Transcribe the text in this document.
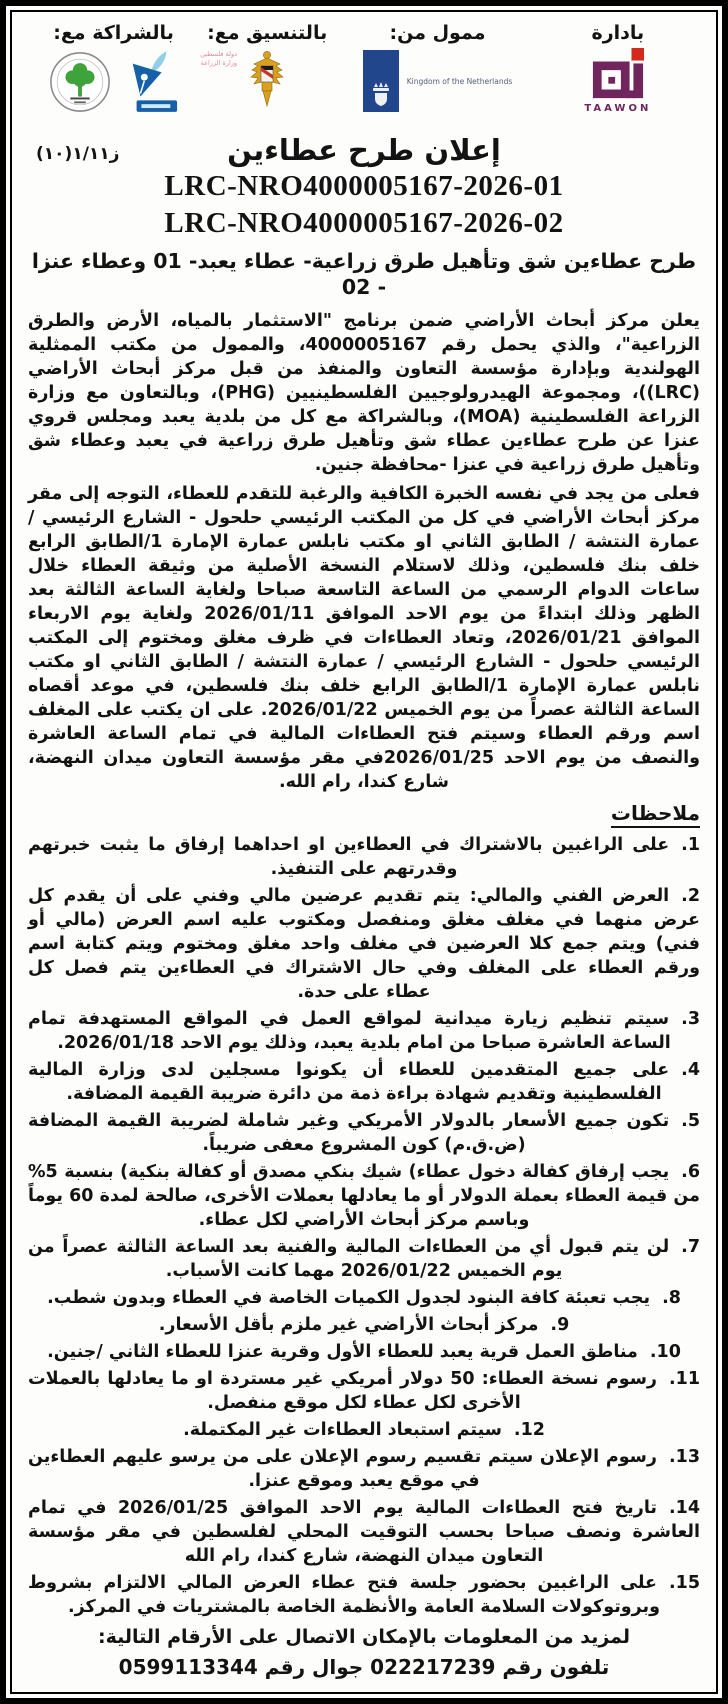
بادارة
TAAWON
ممول من:
Kingdom of the Netherlands
بالتنسيق مع:
دولة فلسطين
وزارة الزراعة
بالشراكة مع:
ز١/١١(١٠)	إعلان طرح عطاءين
LRC-NRO4000005167-2026-01
LRC-NRO4000005167-2026-02
طرح عطاءين شق وتأهيل طرق زراعية- عطاء يعبد- 01 وعطاء عنزا - 02

يعلن مركز أبحاث الأراضي ضمن برنامج "الاستثمار بالمياه، الأرض والطرق الزراعية"، والذي يحمل رقم 4000005167، والممول من مكتب الممثلية الهولندية وبإدارة مؤسسة التعاون والمنفذ من قبل مركز أبحاث الأراضي (LRC))، ومجموعة الهيدرولوجيين الفلسطينيين (PHG)، وبالتعاون مع وزارة الزراعة الفلسطينية (MOA)، وبالشراكة مع كل من بلدية يعبد ومجلس قروي عنزا عن طرح عطاءين عطاء شق وتأهيل طرق زراعية في يعبد وعطاء شق وتأهيل طرق زراعية في عنزا -محافظة جنين.

فعلى من يجد في نفسه الخبرة الكافية والرغبة للتقدم للعطاء، التوجه إلى مقر مركز أبحاث الأراضي في كل من المكتب الرئيسي حلحول - الشارع الرئيسي / عمارة النتشة / الطابق الثاني او مكتب نابلس عمارة الإمارة 1/الطابق الرابع خلف بنك فلسطين، وذلك لاستلام النسخة الأصلية من وثيقة العطاء خلال ساعات الدوام الرسمي من الساعة التاسعة صباحا ولغاية الساعة الثالثة بعد الظهر وذلك ابتداءً من يوم الاحد الموافق 2026/01/11 ولغاية يوم الاربعاء الموافق 2026/01/21، وتعاد العطاءات في ظرف مغلق ومختوم إلى المكتب الرئيسي حلحول - الشارع الرئيسي / عمارة النتشة / الطابق الثاني او مكتب نابلس عمارة الإمارة 1/الطابق الرابع خلف بنك فلسطين، في موعد أقصاه الساعة الثالثة عصراً من يوم الخميس 2026/01/22. على ان يكتب على المغلف اسم ورقم العطاء وسيتم فتح العطاءات المالية في تمام الساعة العاشرة والنصف من يوم الاحد 2026/01/25في مقر مؤسسة التعاون ميدان النهضة، شارع كندا، رام الله.

ملاحظات
1.على الراغبين بالاشتراك في العطاءين او احداهما إرفاق ما يثبت خبرتهم وقدرتهم على التنفيذ.
2.العرض الفني والمالي: يتم تقديم عرضين مالي وفني على أن يقدم كل عرض منهما في مغلف مغلق ومنفصل ومكتوب عليه اسم العرض (مالي أو فني) ويتم جمع كلا العرضين في مغلف واحد مغلق ومختوم ويتم كتابة اسم ورقم العطاء على المغلف وفي حال الاشتراك في العطاءين يتم فصل كل عطاء على حدة.
3.سيتم تنظيم زيارة ميدانية لمواقع العمل في المواقع المستهدفة تمام الساعة العاشرة صباحا من امام بلدية يعبد، وذلك يوم الاحد 2026/01/18.
4.على جميع المتقدمين للعطاء أن يكونوا مسجلين لدى وزارة المالية الفلسطينية وتقديم شهادة براءة ذمة من دائرة ضريبة القيمة المضافة.
5.تكون جميع الأسعار بالدولار الأمريكي وغير شاملة لضريبة القيمة المضافة (ض.ق.م) كون المشروع معفى ضريباً.
6.يجب إرفاق كفالة دخول عطاء) شيك بنكي مصدق أو كفالة بنكية) بنسبة 5% من قيمة العطاء بعملة الدولار أو ما يعادلها بعملات الأخرى، صالحة لمدة 60 يوماً وباسم مركز أبحاث الأراضي لكل عطاء.
7.لن يتم قبول أي من العطاءات المالية والفنية بعد الساعة الثالثة عصراً من يوم الخميس 2026/01/22 مهما كانت الأسباب.
8.يجب تعبئة كافة البنود لجدول الكميات الخاصة في العطاء وبدون شطب.
9.مركز أبحاث الأراضي غير ملزم بأقل الأسعار.
10.مناطق العمل قرية يعبد للعطاء الأول وقرية عنزا للعطاء الثاني /جنين.
11.رسوم نسخة العطاء: 50 دولار أمريكي غير مستردة او ما يعادلها بالعملات الأخرى لكل عطاء لكل موقع منفصل.
12.سيتم استبعاد العطاءات غير المكتملة.
13.رسوم الإعلان سيتم تقسيم رسوم الإعلان على من يرسو عليهم العطاءين في موقع يعبد وموقع عنزا.
14.تاريخ فتح العطاءات المالية يوم الاحد الموافق 2026/01/25 في تمام العاشرة ونصف صباحا بحسب التوقيت المحلي لفلسطين في مقر مؤسسة التعاون ميدان النهضة، شارع كندا، رام الله
15.على الراغبين بحضور جلسة فتح عطاء العرض المالي الالتزام بشروط وبروتوكولات السلامة العامة والأنظمة الخاصة بالمشتريات في المركز.
لمزيد من المعلومات بالإمكان الاتصال على الأرقام التالية:
تلفون رقم 022217239 جوال رقم 0599113344
